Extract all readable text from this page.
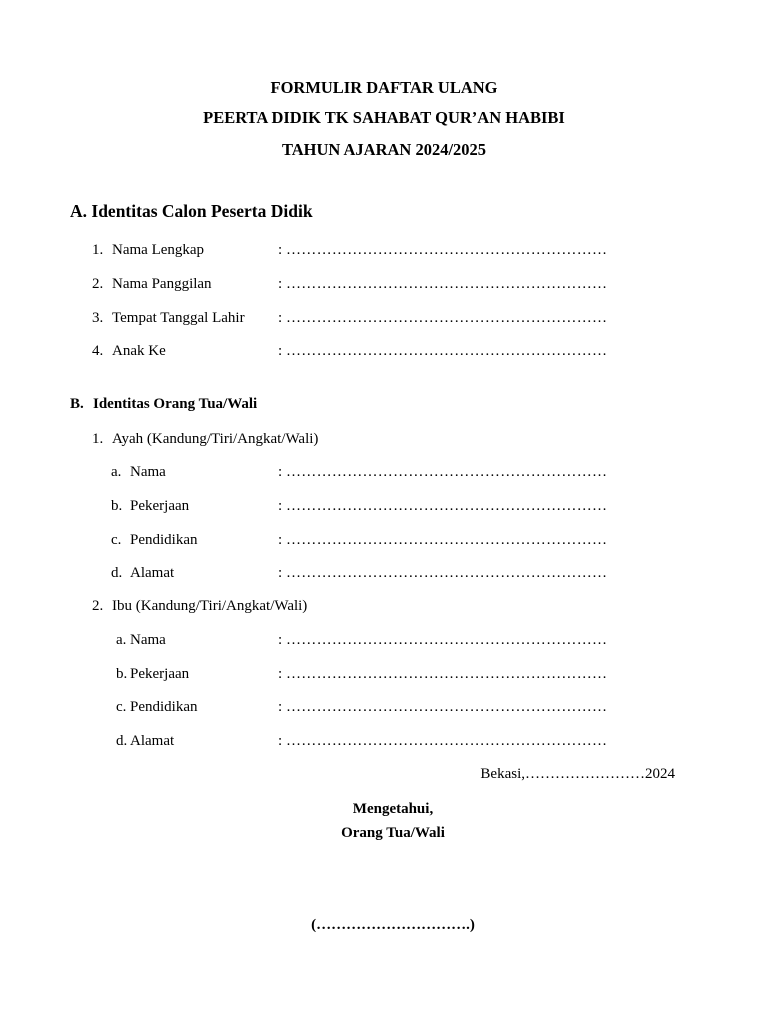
FORMULIR DAFTAR ULANG
PEERTA DIDIK TK SAHABAT QUR’AN HABIBI
TAHUN AJARAN 2024/2025
A. Identitas Calon Peserta Didik
1. Nama Lengkap	: ………………………………………………………
2. Nama Panggilan	: ………………………………………………………
3. Tempat Tanggal Lahir : ………………………………………………………
4. Anak Ke	: ………………………………………………………
B. Identitas Orang Tua/Wali
1. Ayah (Kandung/Tiri/Angkat/Wali)
a. Nama	: ………………………………………………………
b. Pekerjaan	: ………………………………………………………
c. Pendidikan	: ………………………………………………………
d. Alamat	: ………………………………………………………
2. Ibu (Kandung/Tiri/Angkat/Wali)
a. Nama	: ………………………………………………………
b. Pekerjaan	: ………………………………………………………
c. Pendidikan	: ………………………………………………………
d. Alamat	: ………………………………………………………
Bekasi,……………………2024
Mengetahui,
Orang Tua/Wali
(………………………….)
